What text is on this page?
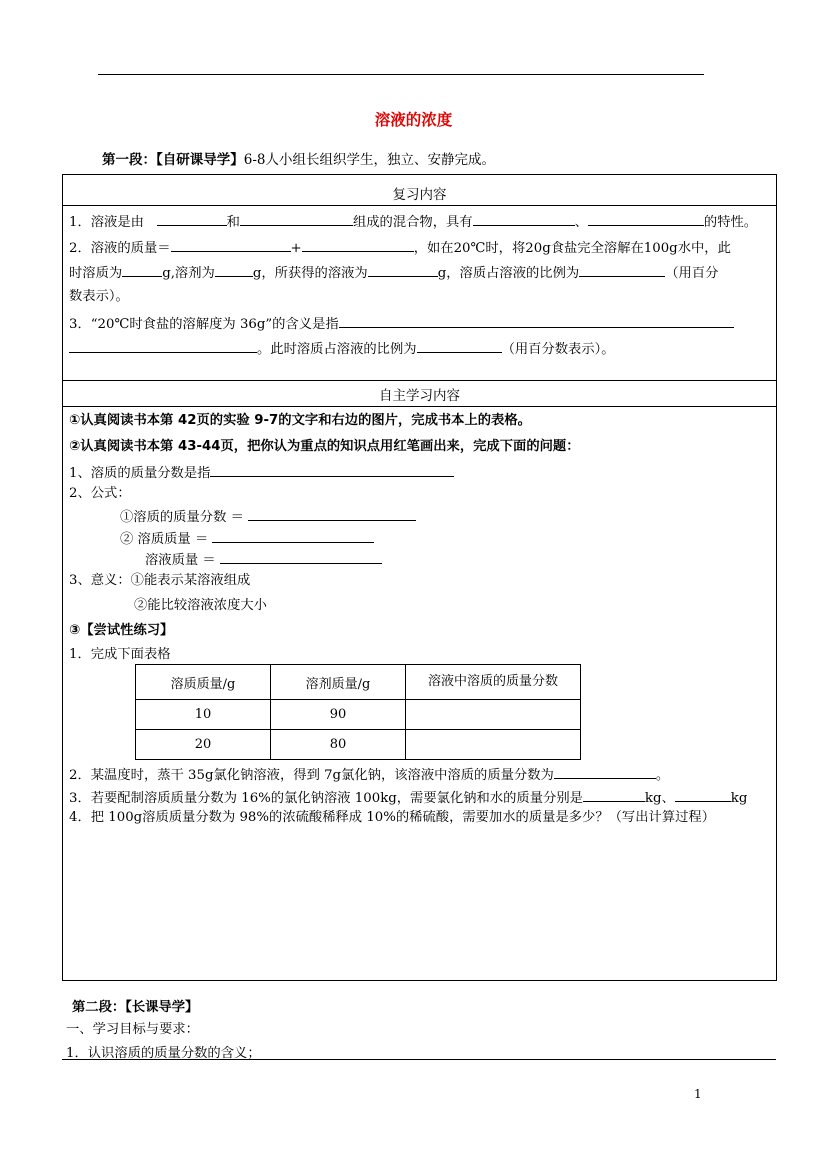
溶液的浓度
第一段：【自研课导学】6-8人小组长组织学生，独立、安静完成。
复习内容
1．溶液是由	和	组成的混合物，具有	、	的特性。
2．溶液的质量＝	+	，如在20℃时，将20g食盐完全溶解在100g水中，此
时溶质为	g,溶剂为	g，所获得的溶液为	g，溶质占溶液的比例为	（用百分
数表示）。
3．“20℃时食盐的溶解度为 36g”的含义是指
。此时溶质占溶液的比例为	（用百分数表示）。
自主学习内容
①认真阅读书本第 42页的实验 9-7的文字和右边的图片，完成书本上的表格。
②认真阅读书本第 43-44页，把你认为重点的知识点用红笔画出来，完成下面的问题：
1、溶质的质量分数是指
2、公式：
①溶质的质量分数 ＝
② 溶质质量 ＝
溶液质量 ＝
3、意义：①能表示某溶液组成
②能比较溶液浓度大小
③【尝试性练习】
1．完成下面表格
溶质质量/g	溶剂质量/g	溶液中溶质的质量分数
10	90	
20	80	
2．某温度时，蒸干 35g氯化钠溶液，得到 7g氯化钠，该溶液中溶质的质量分数为	。
3．若要配制溶质质量分数为 16%的氯化钠溶液 100kg，需要氯化钠和水的质量分别是	kg、	kg
4．把 100g溶质质量分数为 98%的浓硫酸稀释成 10%的稀硫酸，需要加水的质量是多少？（写出计算过程）
第二段：【长课导学】
一、学习目标与要求：
1．认识溶质的质量分数的含义；
1
